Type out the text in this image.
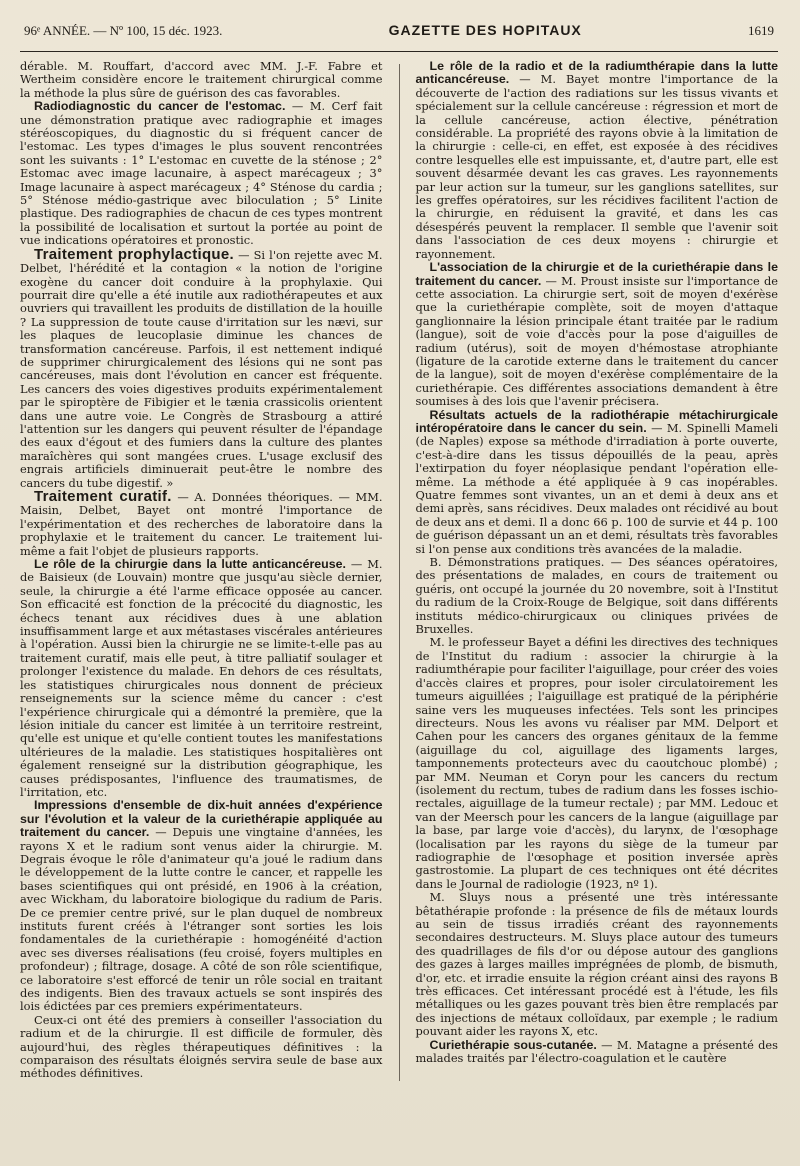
96ᵉ ANNÉE. — Nº 100, 15 déc. 1923.	GAZETTE DES HOPITAUX	1619

dérable. M. Rouffart, d'accord avec MM. J.-F. Fabre et Wertheim considère encore le traitement chirurgical comme la méthode la plus sûre de guérison des cas favorables.

Radiodiagnostic du cancer de l'estomac. — M. Cerf fait une démonstration pratique avec radiographie et images stéréoscopiques, du diagnostic du si fréquent cancer de l'estomac. Les types d'images le plus souvent rencontrées sont les suivants : 1° L'estomac en cuvette de la sténose ; 2° Estomac avec image lacunaire, à aspect marécageux ; 3° Image lacunaire à aspect marécageux ; 4° Sténose du cardia ; 5° Sténose médio-gastrique avec biloculation ; 5° Linite plastique. Des radiographies de chacun de ces types montrent la possibilité de localisation et surtout la portée au point de vue indications opératoires et pronostic.

Traitement prophylactique. — Si l'on rejette avec M. Delbet, l'hérédité et la contagion « la notion de l'origine exogène du cancer doit conduire à la prophylaxie. Qui pourrait dire qu'elle a été inutile aux radiothérapeutes et aux ouvriers qui travaillent les produits de distillation de la houille ? La suppression de toute cause d'irritation sur les nævi, sur les plaques de leucoplasie diminue les chances de transformation cancéreuse. Parfois, il est nettement indiqué de supprimer chirurgicalement des lésions qui ne sont pas cancéreuses, mais dont l'évolution en cancer est fréquente. Les cancers des voies digestives produits expérimentalement par le spiroptère de Fibigier et le tænia crassicolis orientent dans une autre voie. Le Congrès de Strasbourg a attiré l'attention sur les dangers qui peuvent résulter de l'épandage des eaux d'égout et des fumiers dans la culture des plantes maraîchères qui sont mangées crues. L'usage exclusif des engrais artificiels diminuerait peut-être le nombre des cancers du tube digestif. »

Traitement curatif. — A. Données théoriques. — MM. Maisin, Delbet, Bayet ont montré l'importance de l'expérimentation et des recherches de laboratoire dans la prophylaxie et le traitement du cancer. Le traitement lui-même a fait l'objet de plusieurs rapports.

Le rôle de la chirurgie dans la lutte anticancéreuse. — M. de Baisieux (de Louvain) montre que jusqu'au siècle dernier, seule, la chirurgie a été l'arme efficace opposée au cancer. Son efficacité est fonction de la précocité du diagnostic, les échecs tenant aux récidives dues à une ablation insuffisamment large et aux métastases viscérales antérieures à l'opération. Aussi bien la chirurgie ne se limite-t-elle pas au traitement curatif, mais elle peut, à titre palliatif soulager et prolonger l'existence du malade. En dehors de ces résultats, les statistiques chirurgicales nous donnent de précieux renseignements sur la science même du cancer : c'est l'expérience chirurgicale qui a démontré la première, que la lésion initiale du cancer est limitée à un territoire restreint, qu'elle est unique et qu'elle contient toutes les manifestations ultérieures de la maladie. Les statistiques hospitalières ont également renseigné sur la distribution géographique, les causes prédisposantes, l'influence des traumatismes, de l'irritation, etc.

Impressions d'ensemble de dix-huit années d'expérience sur l'évolution et la valeur de la curiethérapie appliquée au traitement du cancer. — Depuis une vingtaine d'années, les rayons X et le radium sont venus aider la chirurgie. M. Degrais évoque le rôle d'animateur qu'a joué le radium dans le développement de la lutte contre le cancer, et rappelle les bases scientifiques qui ont présidé, en 1906 à la création, avec Wickham, du laboratoire biologique du radium de Paris. De ce premier centre privé, sur le plan duquel de nombreux instituts furent créés à l'étranger sont sorties les lois fondamentales de la curiethérapie : homogénéité d'action avec ses diverses réalisations (feu croisé, foyers multiples en profondeur) ; filtrage, dosage. A côté de son rôle scientifique, ce laboratoire s'est efforcé de tenir un rôle social en traitant des indigents. Bien des travaux actuels se sont inspirés des lois édictées par ces premiers expérimentateurs.

Ceux-ci ont été des premiers à conseiller l'association du radium et de la chirurgie. Il est difficile de formuler, dès aujourd'hui, des règles thérapeutiques définitives : la comparaison des résultats éloignés servira seule de base aux méthodes définitives.

Le rôle de la radio et de la radiumthérapie dans la lutte anticancéreuse. — M. Bayet montre l'importance de la découverte de l'action des radiations sur les tissus vivants et spécialement sur la cellule cancéreuse : régression et mort de la cellule cancéreuse, action élective, pénétration considérable. La propriété des rayons obvie à la limitation de la chirurgie : celle-ci, en effet, est exposée à des récidives contre lesquelles elle est impuissante, et, d'autre part, elle est souvent désarmée devant les cas graves. Les rayonnements par leur action sur la tumeur, sur les ganglions satellites, sur les greffes opératoires, sur les récidives facilitent l'action de la chirurgie, en réduisent la gravité, et dans les cas désespérés peuvent la remplacer. Il semble que l'avenir soit dans l'association de ces deux moyens : chirurgie et rayonnement.

L'association de la chirurgie et de la curiethérapie dans le traitement du cancer. — M. Proust insiste sur l'importance de cette association. La chirurgie sert, soit de moyen d'exérèse que la curiethérapie complète, soit de moyen d'attaque ganglionnaire la lésion principale étant traitée par le radium (langue), soit de voie d'accès pour la pose d'aiguilles de radium (utérus), soit de moyen d'hémostase atrophiante (ligature de la carotide externe dans le traitement du cancer de la langue), soit de moyen d'exérèse complémentaire de la curiethérapie. Ces différentes associations demandent à être soumises à des lois que l'avenir précisera.

Résultats actuels de la radiothérapie métachirurgicale intéropératoire dans le cancer du sein. — M. Spinelli Mameli (de Naples) expose sa méthode d'irradiation à porte ouverte, c'est-à-dire dans les tissus dépouillés de la peau, après l'extirpation du foyer néoplasique pendant l'opération elle-même. La méthode a été appliquée à 9 cas inopérables. Quatre femmes sont vivantes, un an et demi à deux ans et demi après, sans récidives. Deux malades ont récidivé au bout de deux ans et demi. Il a donc 66 p. 100 de survie et 44 p. 100 de guérison dépassant un an et demi, résultats très favorables si l'on pense aux conditions très avancées de la maladie.

B. Démonstrations pratiques. — Des séances opératoires, des présentations de malades, en cours de traitement ou guéris, ont occupé la journée du 20 novembre, soit à l'Institut du radium de la Croix-Rouge de Belgique, soit dans différents instituts médico-chirurgicaux ou cliniques privées de Bruxelles.

M. le professeur Bayet a défini les directives des techniques de l'Institut du radium : associer la chirurgie à la radiumthérapie pour faciliter l'aiguillage, pour créer des voies d'accès claires et propres, pour isoler circulatoirement les tumeurs aiguillées ; l'aiguillage est pratiqué de la périphérie saine vers les muqueuses infectées. Tels sont les principes directeurs. Nous les avons vu réaliser par MM. Delport et Cahen pour les cancers des organes génitaux de la femme (aiguillage du col, aiguillage des ligaments larges, tamponnements protecteurs avec du caoutchouc plombé) ; par MM. Neuman et Coryn pour les cancers du rectum (isolement du rectum, tubes de radium dans les fosses ischio-rectales, aiguillage de la tumeur rectale) ; par MM. Ledouc et van der Meersch pour les cancers de la langue (aiguillage par la base, par large voie d'accès), du larynx, de l'œsophage (localisation par les rayons du siège de la tumeur par radiographie de l'œsophage et position inversée après gastrostomie. La plupart de ces techniques ont été décrites dans le Journal de radiologie (1923, nº 1).

M. Sluys nous a présenté une très intéressante bêtathérapie profonde : la présence de fils de métaux lourds au sein de tissus irradiés créant des rayonnements secondaires destructeurs. M. Sluys place autour des tumeurs des quadrillages de fils d'or ou dépose autour des ganglions des gazes à larges mailles imprégnées de plomb, de bismuth, d'or, etc. et irradie ensuite la région créant ainsi des rayons B très efficaces. Cet intéressant procédé est à l'étude, les fils métalliques ou les gazes pouvant très bien être remplacés par des injections de métaux colloïdaux, par exemple ; le radium pouvant aider les rayons X, etc.

Curiethérapie sous-cutanée. — M. Matagne a présenté des malades traités par l'électro-coagulation et le cautère
